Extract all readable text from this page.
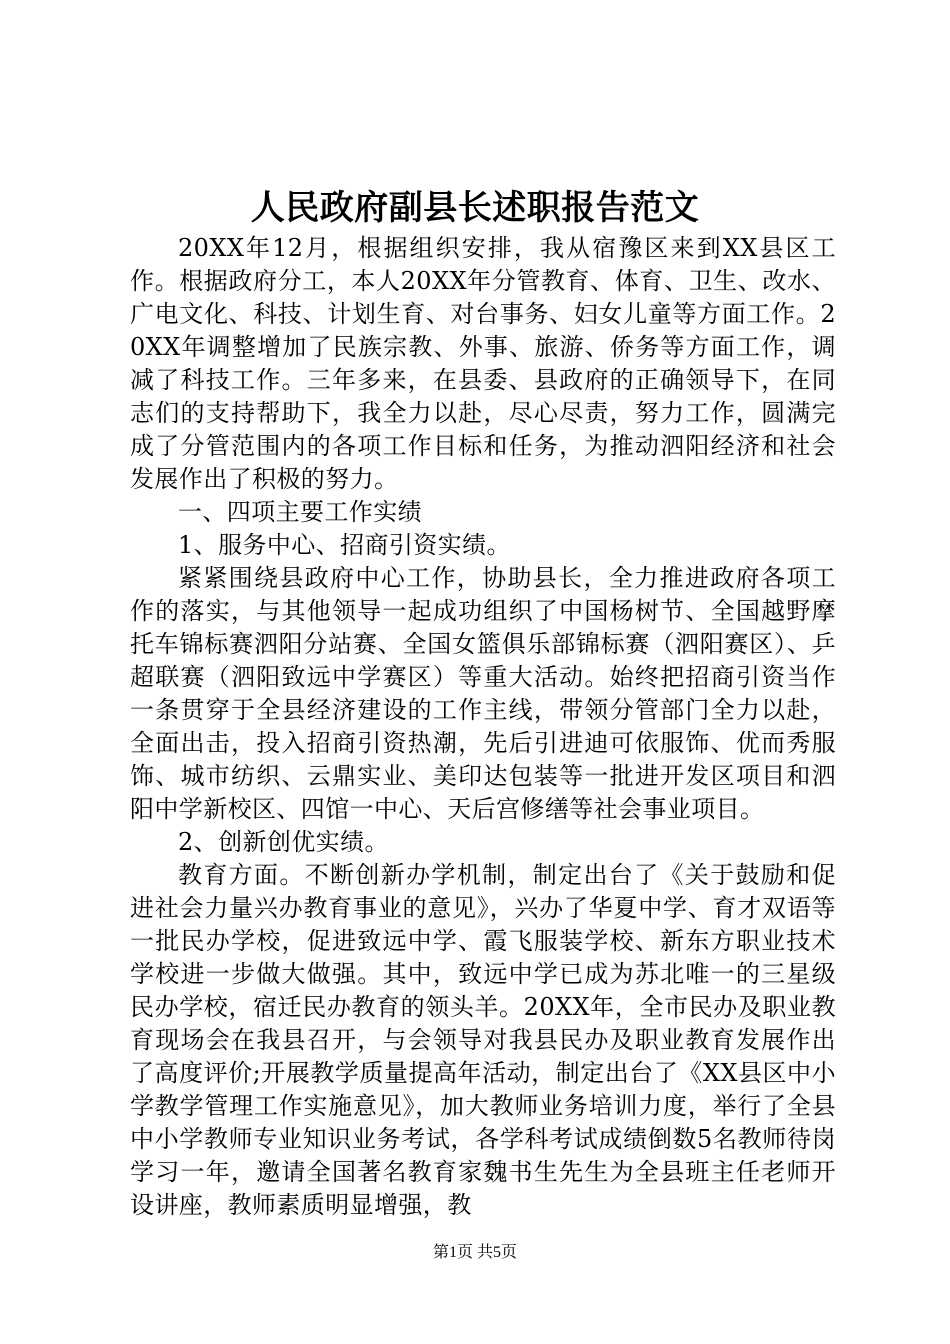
人民政府副县长述职报告范文

20XX年12月，根据组织安排，我从宿豫区来到XX县区工作。根据政府分工，本人20XX年分管教育、体育、卫生、改水、广电文化、科技、计划生育、对台事务、妇女儿童等方面工作。20XX年调整增加了民族宗教、外事、旅游、侨务等方面工作，调减了科技工作。三年多来，在县委、县政府的正确领导下，在同志们的支持帮助下，我全力以赴，尽心尽责，努力工作，圆满完成了分管范围内的各项工作目标和任务，为推动泗阳经济和社会发展作出了积极的努力。

一、四项主要工作实绩

1、服务中心、招商引资实绩。

紧紧围绕县政府中心工作，协助县长，全力推进政府各项工作的落实，与其他领导一起成功组织了中国杨树节、全国越野摩托车锦标赛泗阳分站赛、全国女篮俱乐部锦标赛（泗阳赛区）、乒超联赛（泗阳致远中学赛区）等重大活动。始终把招商引资当作一条贯穿于全县经济建设的工作主线，带领分管部门全力以赴，全面出击，投入招商引资热潮，先后引进迪可依服饰、优而秀服饰、城市纺织、云鼎实业、美印达包装等一批进开发区项目和泗阳中学新校区、四馆一中心、天后宫修缮等社会事业项目。

2、创新创优实绩。

教育方面。不断创新办学机制，制定出台了《关于鼓励和促进社会力量兴办教育事业的意见》，兴办了华夏中学、育才双语等一批民办学校，促进致远中学、霞飞服装学校、新东方职业技术学校进一步做大做强。其中，致远中学已成为苏北唯一的三星级民办学校，宿迁民办教育的领头羊。20XX年，全市民办及职业教育现场会在我县召开，与会领导对我县民办及职业教育发展作出了高度评价;开展教学质量提高年活动，制定出台了《XX县区中小学教学管理工作实施意见》，加大教师业务培训力度，举行了全县中小学教师专业知识业务考试，各学科考试成绩倒数5名教师待岗学习一年，邀请全国著名教育家魏书生先生为全县班主任老师开设讲座，教师素质明显增强，教

第1页 共5页
